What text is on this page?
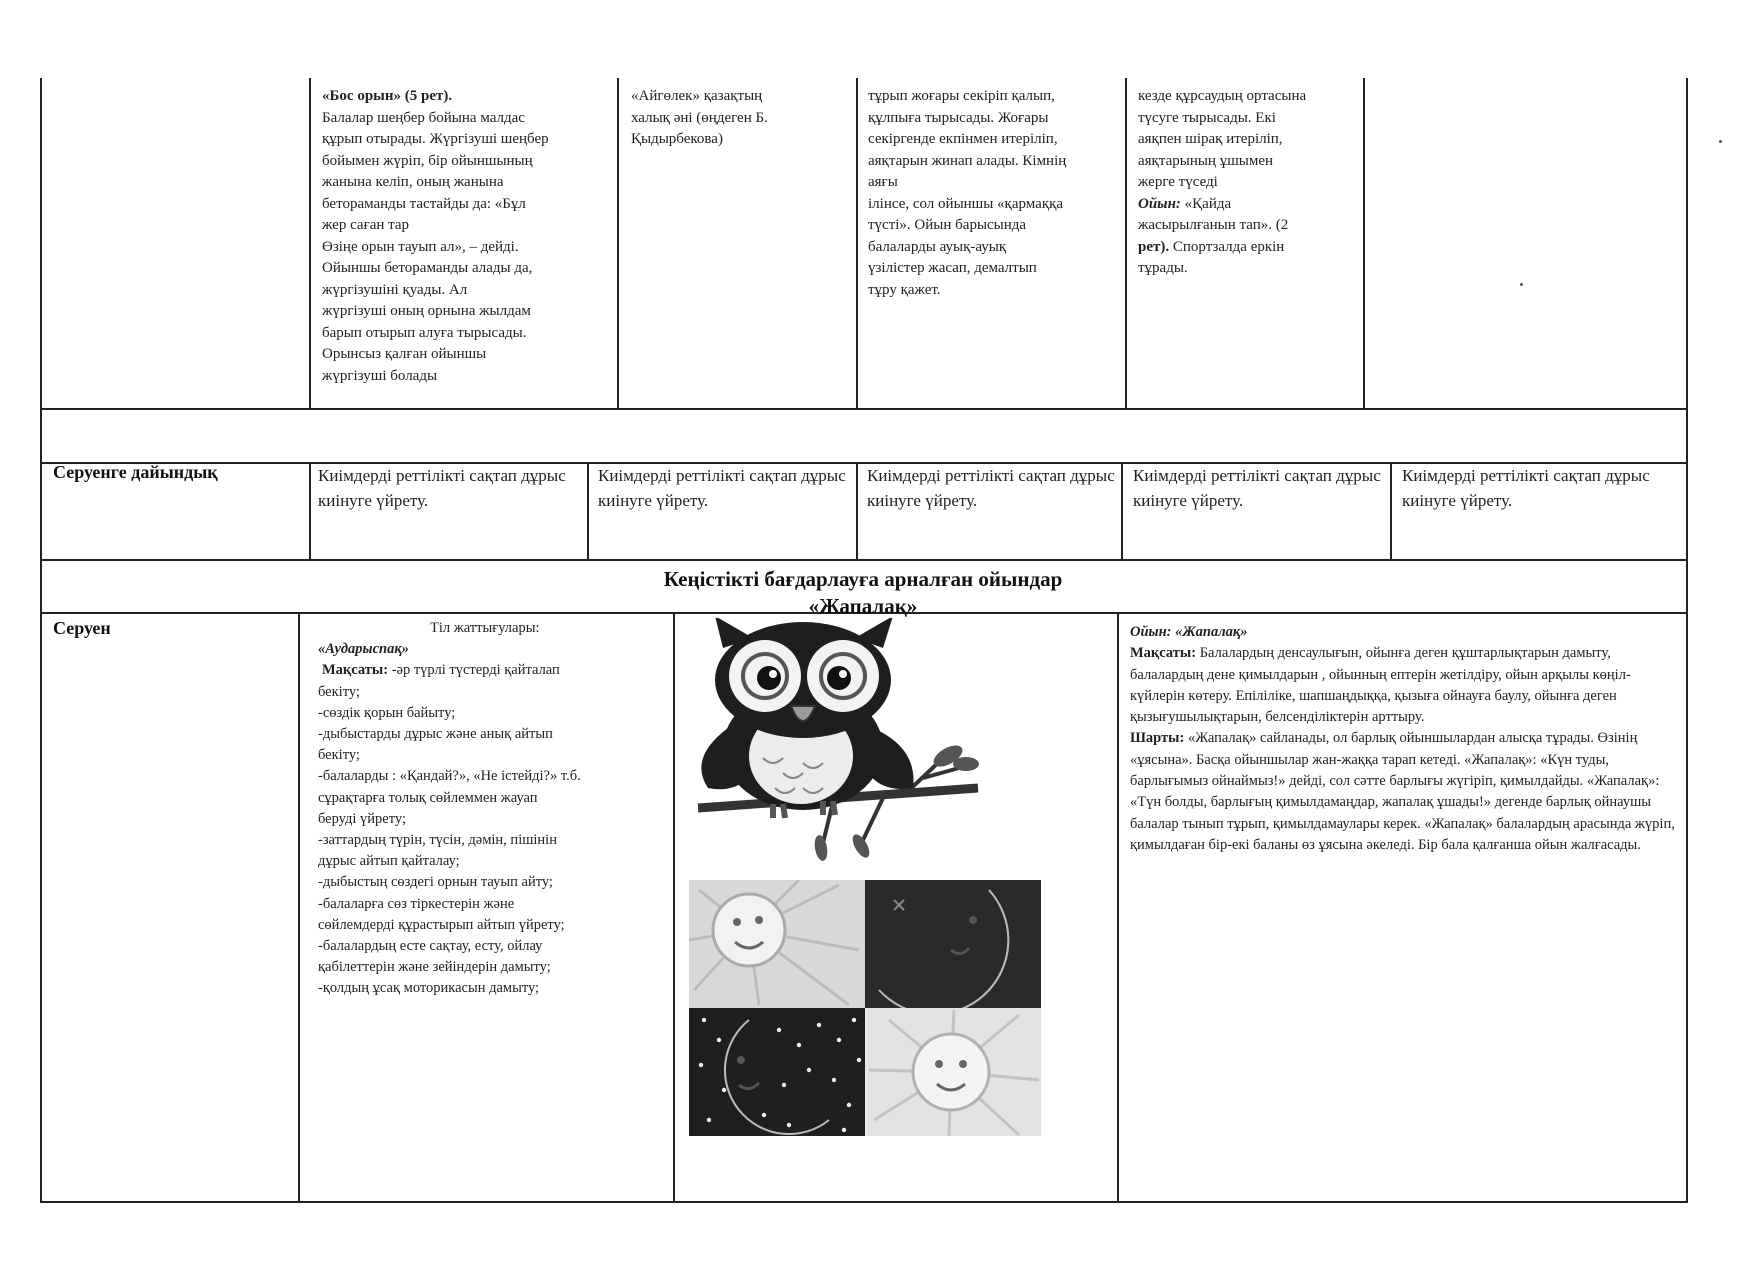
«Бос орын» (5 рет).

Балалар шеңбер бойына малдас

құрып отырады. Жүргізуші шеңбер

бойымен жүріп, бір ойыншының

жанына келіп, оның жанына

бетораманды тастайды да: «Бұл

жер саған тар

Өзіңе орын тауып ал», – дейді.

Ойыншы бетораманды алады да,

жүргізушіні қуады. Ал

жүргізуші оның орнына жылдам

барып отырып алуға тырысады.

Орынсыз қалған ойыншы

жүргізуші болады

«Айгөлек» қазақтың

халық әні (өңдеген Б.

Қыдырбекова)

тұрып жоғары секіріп қалып,

құлпыға тырысады. Жоғары

секіргенде екпінмен итеріліп,

аяқтарын жинап алады. Кімнің

аяғы

ілінсе, сол ойыншы «қармаққа

түсті». Ойын барысында

балаларды ауық-ауық

үзілістер жасап, демалтып

тұру қажет.

кезде құрсаудың ортасына

түсуге тырысады. Екі

аяқпен шірақ итеріліп,

аяқтарының ұшымен

жерге түседі

Ойын: «Қайда

жасырылғанын тап». (2

рет). Спортзалда еркін

тұрады.

Серуенге дайындық	Киімдерді реттілікті сақтап дұрыс киінуге үйрету.
Киімдерді реттілікті сақтап дұрыс киінуге үйрету.
Киімдерді реттілікті сақтап дұрыс киінуге үйрету.
Киімдерді реттілікті сақтап дұрыс киінуге үйрету.
Киімдерді реттілікті сақтап дұрыс киінуге үйрету.
Кеңістікті бағдарлауға арналған ойындар
«Жапалақ»
Серуен	Тіл жаттығулары:

«Аударыспақ»

Мақсаты: -әр түрлі түстерді қайталап

бекіту;

-сөздік қорын байыту;

-дыбыстарды дұрыс және анық айтып

бекіту;

-балаларды : «Қандай?», «Не істейді?» т.б.

сұрақтарға толық сөйлеммен жауап

беруді үйрету;

-заттардың түрін, түсін, дәмін, пішінін

дұрыс айтып қайталау;

-дыбыстың сөздегі орнын тауып айту;

-балаларға сөз тіркестерін және

сөйлемдерді құрастырып айтып үйрету;

-балалардың есте сақтау, есту, ойлау

қабілеттерін және зейіндерін дамыту;

-қолдың ұсақ моторикасын дамыту;

Ойын: «Жапалақ»

Мақсаты: Балалардың денсаулығын, ойынға деген құштарлықтарын дамыту, балалардың дене қимылдарын , ойынның ептерін жетілдіру, ойын арқылы көңіл-күйлерін көтеру. Епіліліке, шапшаңдыққа, қызыға ойнауға баулу, ойынға деген қызығушылықтарын, белсенділіктерін арттыру.

Шарты: «Жапалақ» сайланады, ол барлық ойыншылардан алысқа тұрады. Өзінің «ұясына». Басқа ойыншылар жан-жаққа тарап кетеді. «Жапалақ»: «Күн туды, барлығымыз ойнаймыз!» дейді, сол сәтте барлығы жүгіріп, қимылдайды. «Жапалақ»: «Түн болды, барлығың қимылдамаңдар, жапалақ ұшады!» дегенде барлық ойнаушы балалар тынып тұрып, қимылдамаулары керек. «Жапалақ» балалардың арасында жүріп, қимылдаған бір-екі баланы өз ұясына әкеледі. Бір бала қалғанша ойын жалғасады.
